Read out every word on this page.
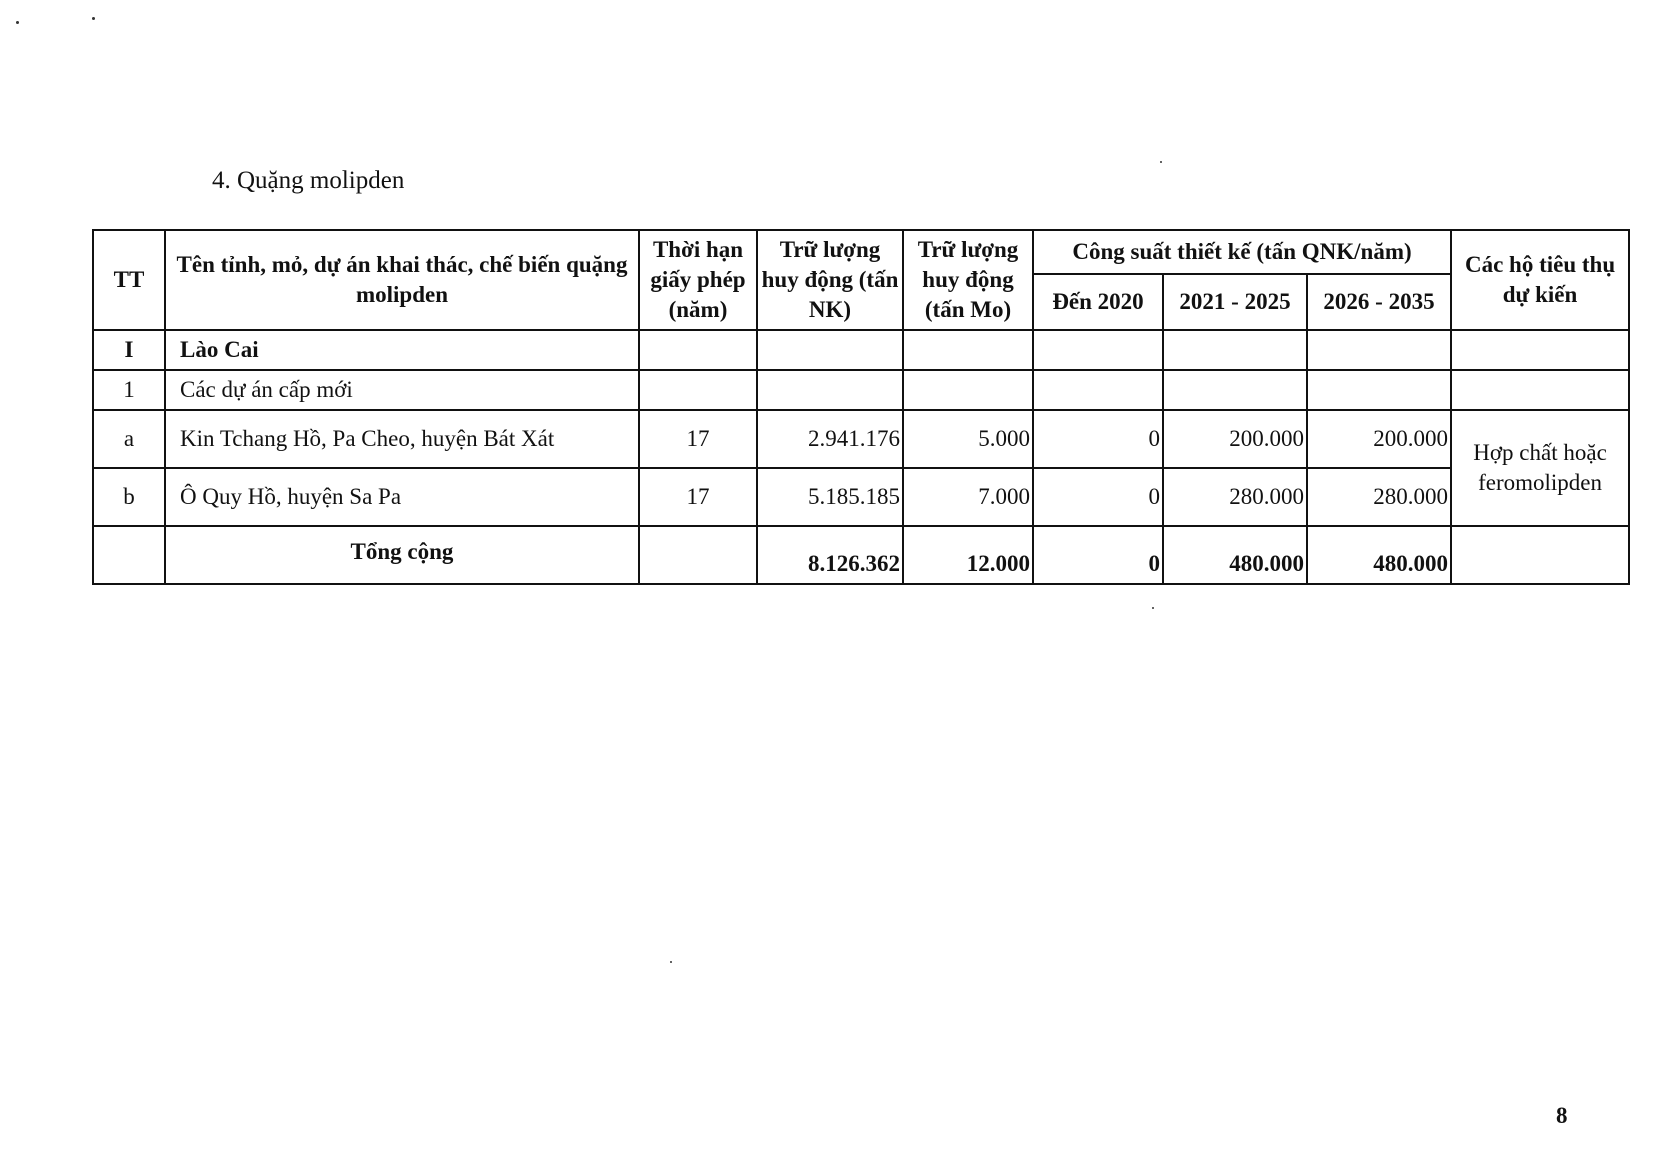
4. Quặng molipden
TT	Tên tỉnh, mỏ, dự án khai thác, chế biến quặng molipden	Thời hạn giấy phép (năm)	Trữ lượng huy động (tấn NK)	Trữ lượng huy động (tấn Mo)	Công suất thiết kế (tấn QNK/năm)			Các hộ tiêu thụ dự kiến
					Đến 2020	2021 - 2025	2026 - 2035	
I	Lào Cai							
1	Các dự án cấp mới							
a	Kin Tchang Hồ, Pa Cheo, huyện Bát Xát	17	2.941.176	5.000	0	200.000	200.000	Hợp chất hoặc feromolipden
b	Ô Quy Hồ, huyện Sa Pa	17	5.185.185	7.000	0	280.000	280.000	
	Tổng cộng		8.126.362	12.000	0	480.000	480.000	
8
